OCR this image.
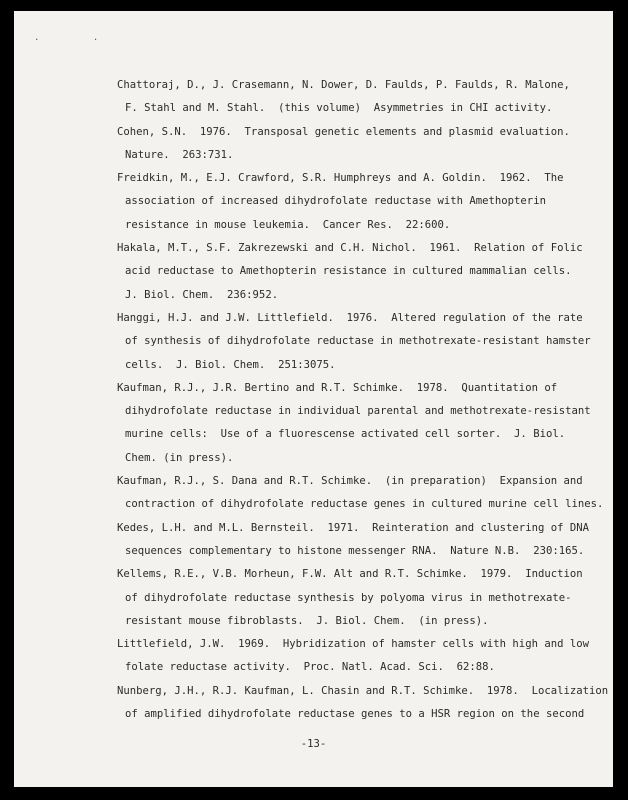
. .
Chattoraj, D., J. Crasemann, N. Dower, D. Faulds, P. Faulds, R. Malone,
F. Stahl and M. Stahl.  (this volume)  Asymmetries in CHI activity.
Cohen, S.N.  1976.  Transposal genetic elements and plasmid evaluation.
Nature.  263:731.
Freidkin, M., E.J. Crawford, S.R. Humphreys and A. Goldin.  1962.  The
association of increased dihydrofolate reductase with Amethopterin
resistance in mouse leukemia.  Cancer Res.  22:600.
Hakala, M.T., S.F. Zakrezewski and C.H. Nichol.  1961.  Relation of Folic
acid reductase to Amethopterin resistance in cultured mammalian cells.
J. Biol. Chem.  236:952.
Hanggi, H.J. and J.W. Littlefield.  1976.  Altered regulation of the rate
of synthesis of dihydrofolate reductase in methotrexate-resistant hamster
cells.  J. Biol. Chem.  251:3075.
Kaufman, R.J., J.R. Bertino and R.T. Schimke.  1978.  Quantitation of
dihydrofolate reductase in individual parental and methotrexate-resistant
murine cells:  Use of a fluorescense activated cell sorter.  J. Biol.
Chem. (in press).
Kaufman, R.J., S. Dana and R.T. Schimke.  (in preparation)  Expansion and
contraction of dihydrofolate reductase genes in cultured murine cell lines.
Kedes, L.H. and M.L. Bernsteil.  1971.  Reinteration and clustering of DNA
sequences complementary to histone messenger RNA.  Nature N.B.  230:165.
Kellems, R.E., V.B. Morheun, F.W. Alt and R.T. Schimke.  1979.  Induction
of dihydrofolate reductase synthesis by polyoma virus in methotrexate-
resistant mouse fibroblasts.  J. Biol. Chem.  (in press).
Littlefield, J.W.  1969.  Hybridization of hamster cells with high and low
folate reductase activity.  Proc. Natl. Acad. Sci.  62:88.
Nunberg, J.H., R.J. Kaufman, L. Chasin and R.T. Schimke.  1978.  Localization
of amplified dihydrofolate reductase genes to a HSR region on the second
-13-
